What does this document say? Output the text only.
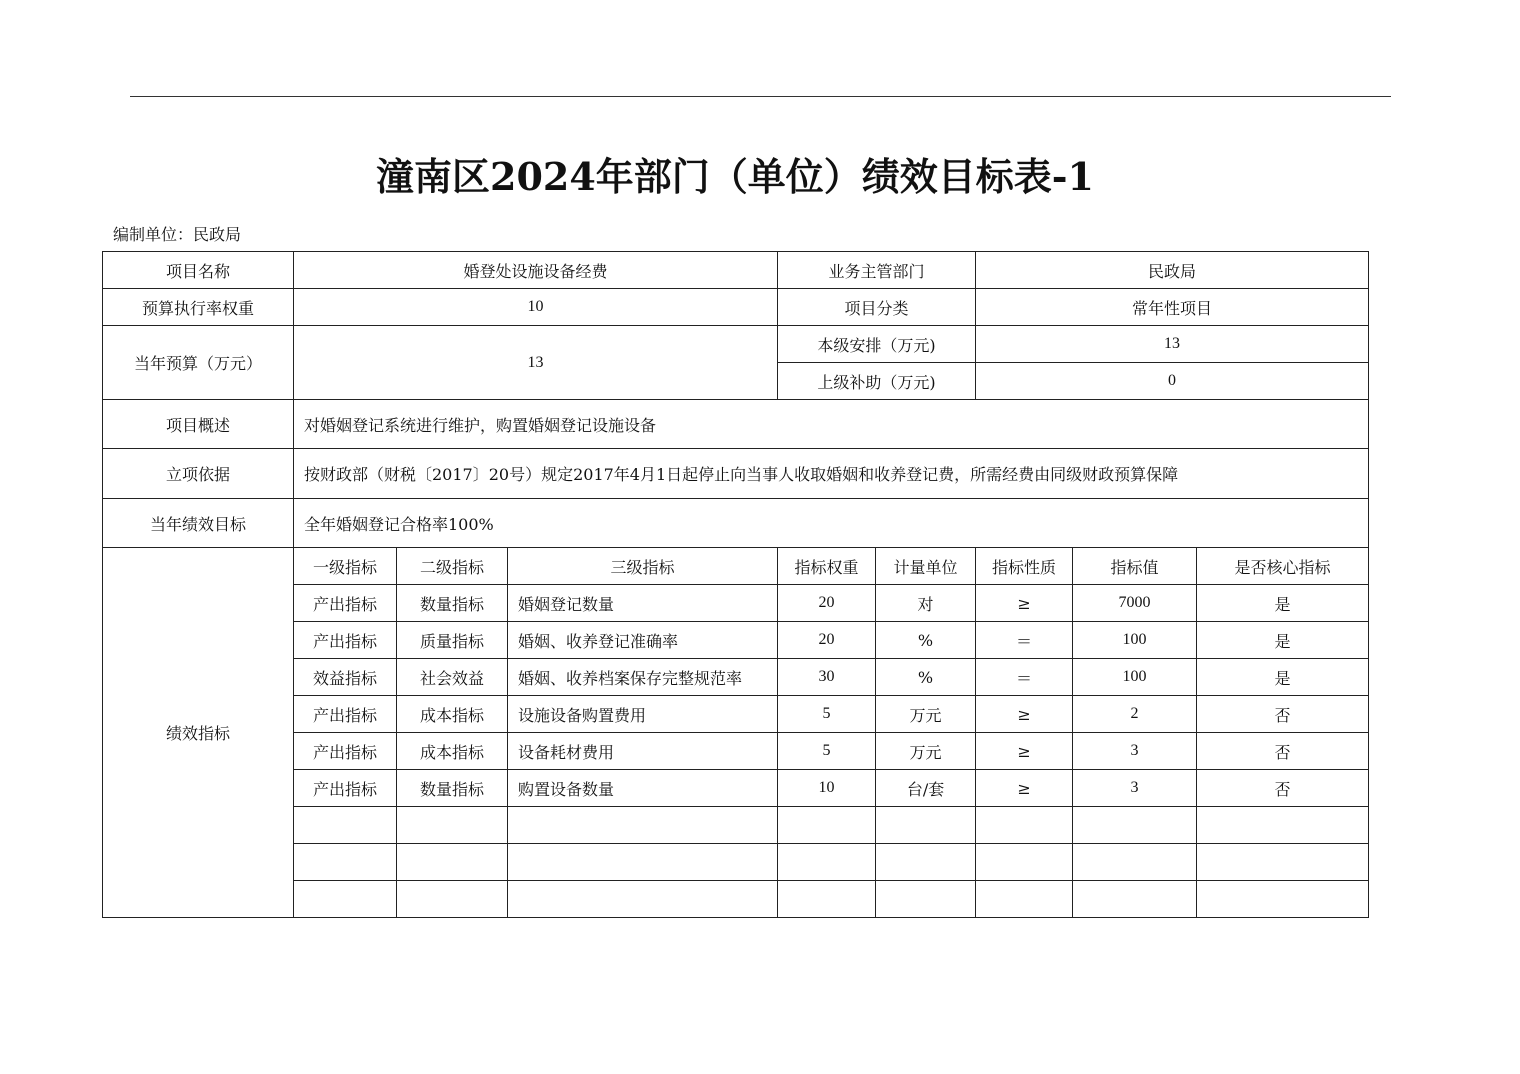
潼南区2024年部门（单位）绩效目标表-1
编制单位：民政局
项目名称	婚登处设施设备经费			业务主管部门		民政局		
预算执行率权重	10			项目分类		常年性项目		
当年预算（万元）	13			本级安排（万元)		13		
				上级补助（万元)		0		
项目概述	对婚姻登记系统进行维护，购置婚姻登记设施设备							
立项依据	按财政部（财税〔2017〕20号）规定2017年4月1日起停止向当事人收取婚姻和收养登记费，所需经费由同级财政预算保障							
当年绩效目标	全年婚姻登记合格率100%							
绩效指标	一级指标	二级指标	三级指标	指标权重	计量单位	指标性质	指标值	是否核心指标
	产出指标	数量指标	婚姻登记数量	20	对	≥	7000	是
	产出指标	质量指标	婚姻、收养登记准确率	20	%	＝	100	是
	效益指标	社会效益	婚姻、收养档案保存完整规范率	30	%	＝	100	是
	产出指标	成本指标	设施设备购置费用	5	万元	≥	2	否
	产出指标	成本指标	设备耗材费用	5	万元	≥	3	否
	产出指标	数量指标	购置设备数量	10	台/套	≥	3	否
